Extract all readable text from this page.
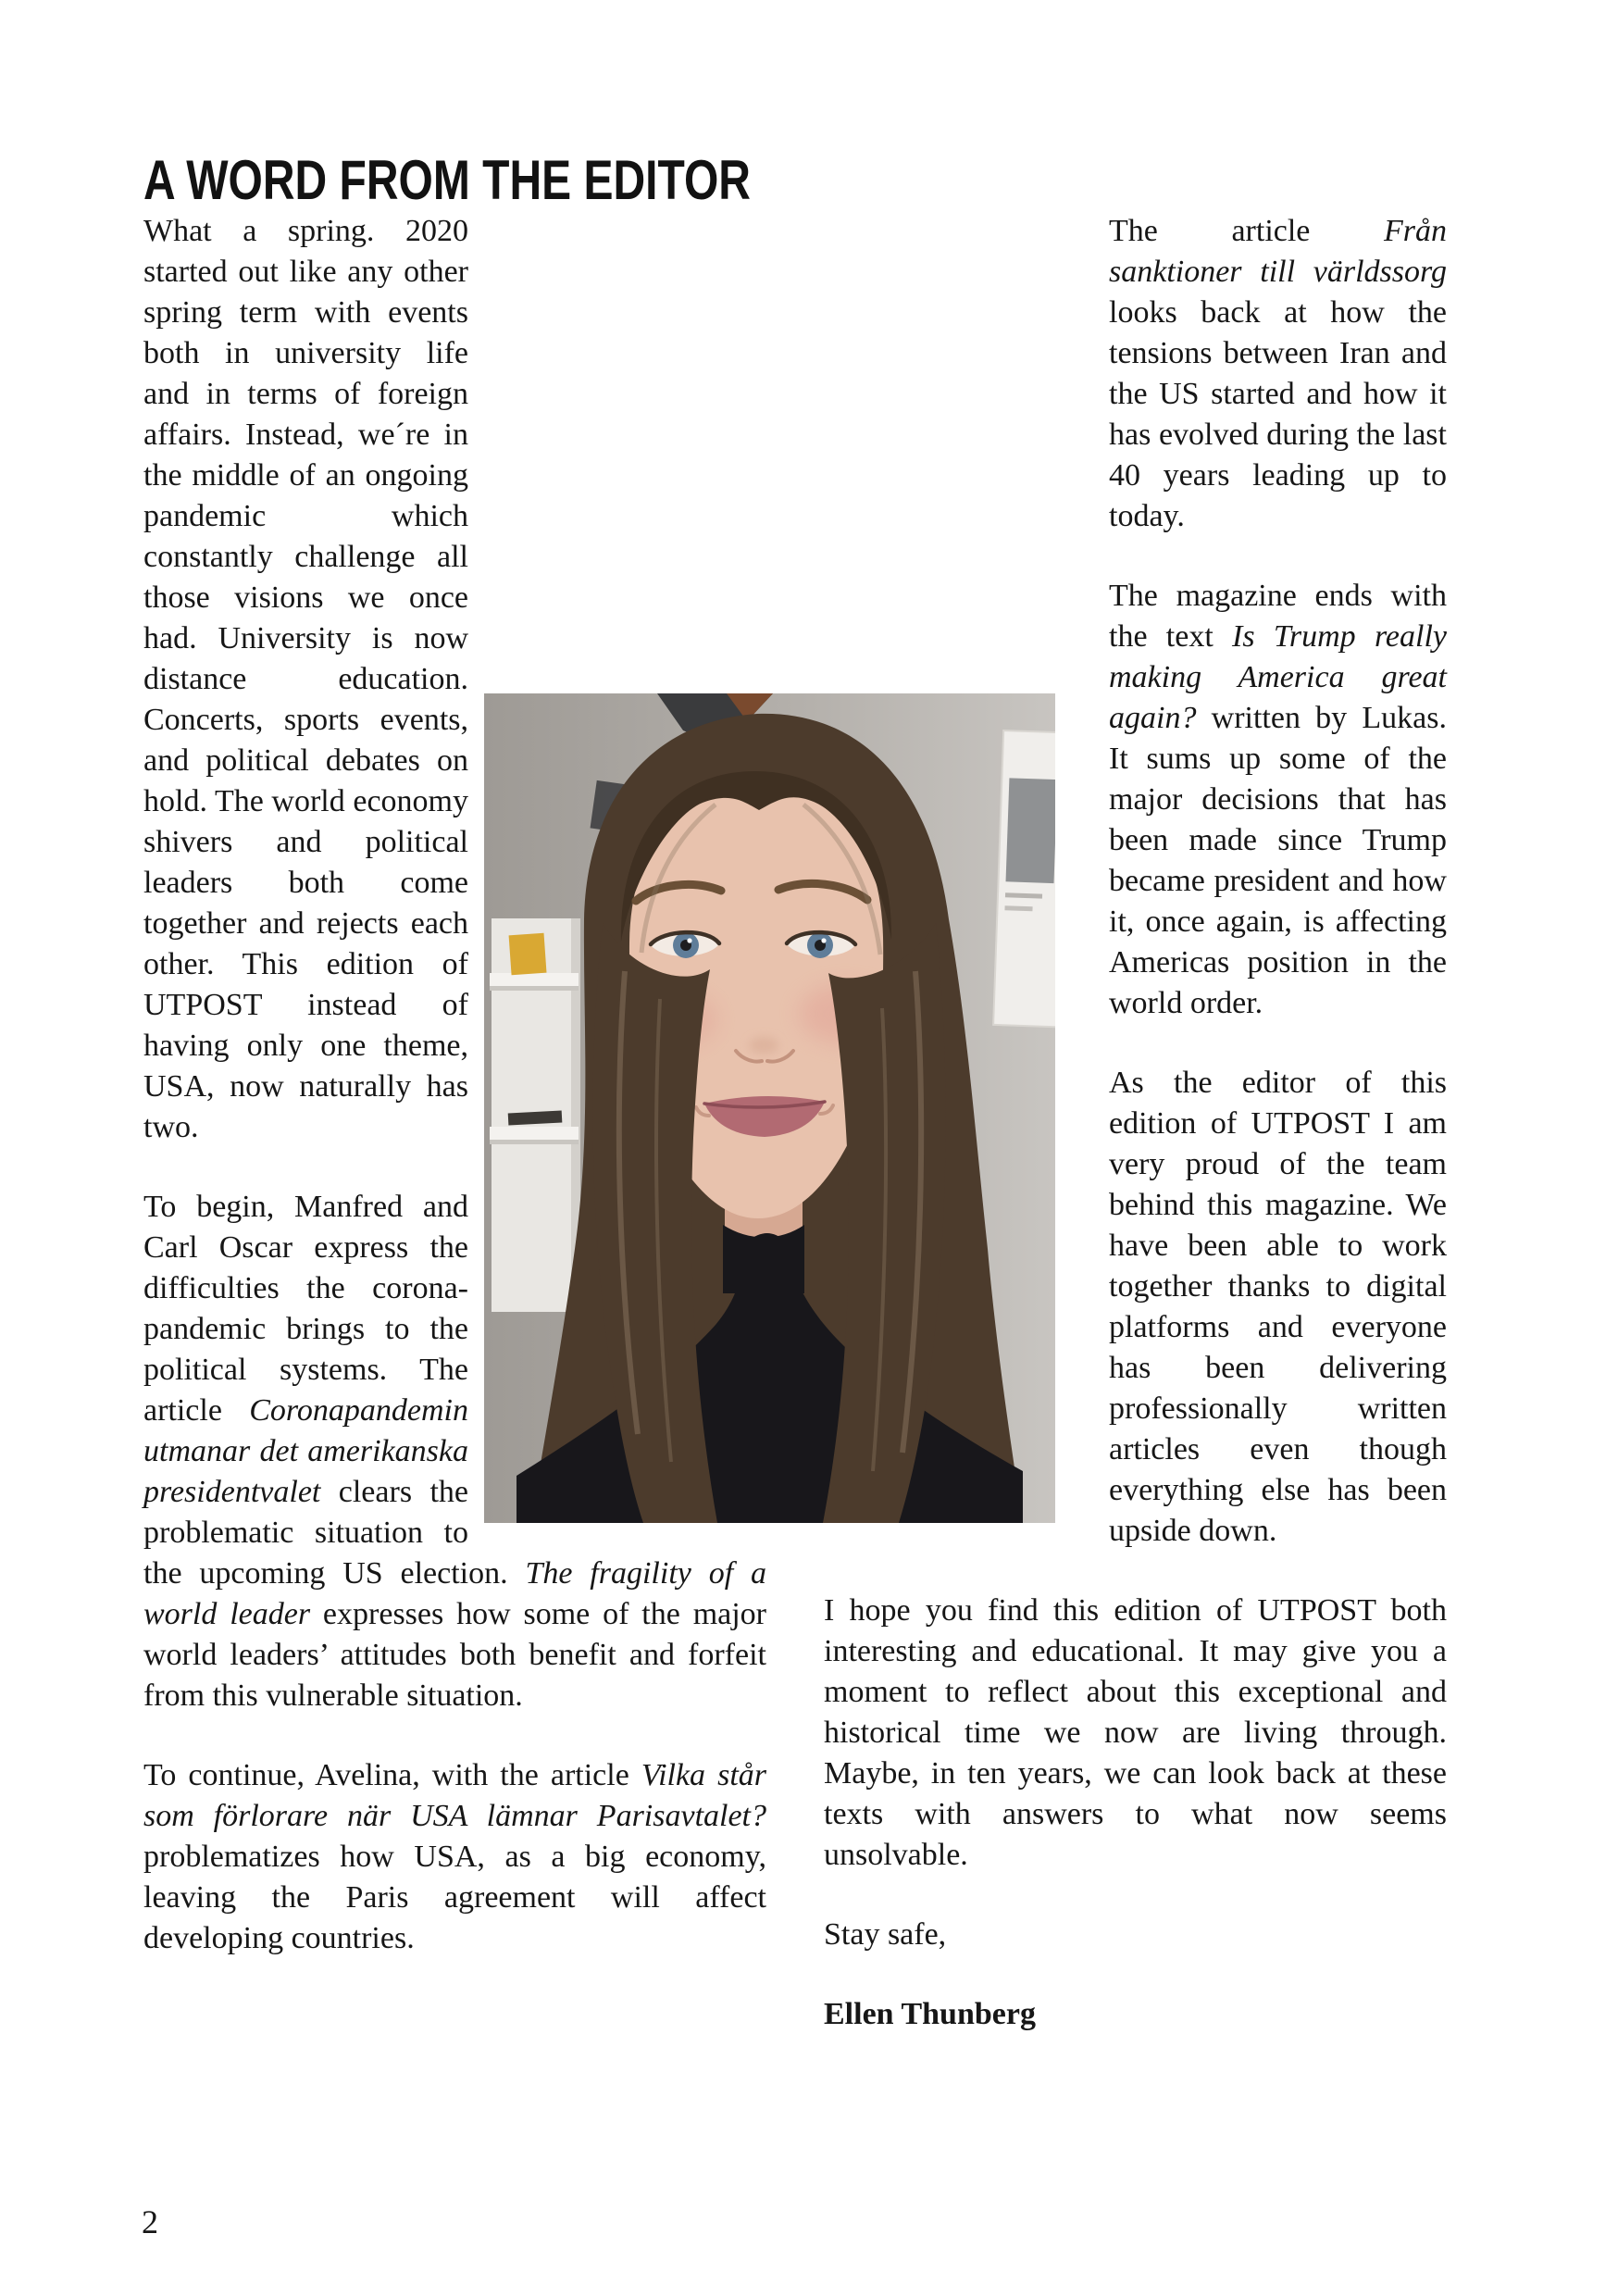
A WORD FROM THE EDITOR

What a spring. 2020 started out like any other spring term with events both in university life and in terms of foreign affairs. Instead, we´re in the middle of an ongoing pandemic which constantly challenge all those visions we once had. University is now distance education. Concerts, sports events, and political debates on hold. The world economy shivers and political leaders both come together and rejects each other. This edition of UTPOST instead of having only one theme, USA, now naturally has two.

To begin, Manfred and Carl Oscar express the difficulties the corona-pandemic brings to the political systems. The article Coronapandemin utmanar det amerikanska presidentvalet clears the problematic situation to the upcoming US election. The fragility of a world leader expresses how some of the major world leaders’ attitudes both benefit and forfeit from this vulnerable situation.

To continue, Avelina, with the article Vilka står som förlorare när USA lämnar Parisavtalet? problematizes how USA, as a big economy, leaving the Paris agreement will affect developing countries.

The article Från sanktioner till världssorg looks back at how the tensions between Iran and the US started and how it has evolved during the last 40 years leading up to today.

The magazine ends with the text Is Trump really making America great again? written by Lukas. It sums up some of the major decisions that has been made since Trump became president and how it, once again, is affecting Americas position in the world order.

As the editor of this edition of UTPOST I am very proud of the team behind this magazine. We have been able to work together thanks to digital platforms and everyone has been delivering professionally written articles even though everything else has been upside down.

I hope you find this edition of UTPOST both interesting and educational. It may give you a moment to reflect about this exceptional and historical time we now are living through. Maybe, in ten years, we can look back at these texts with answers to what now seems unsolvable.

Stay safe,

Ellen Thunberg

2
